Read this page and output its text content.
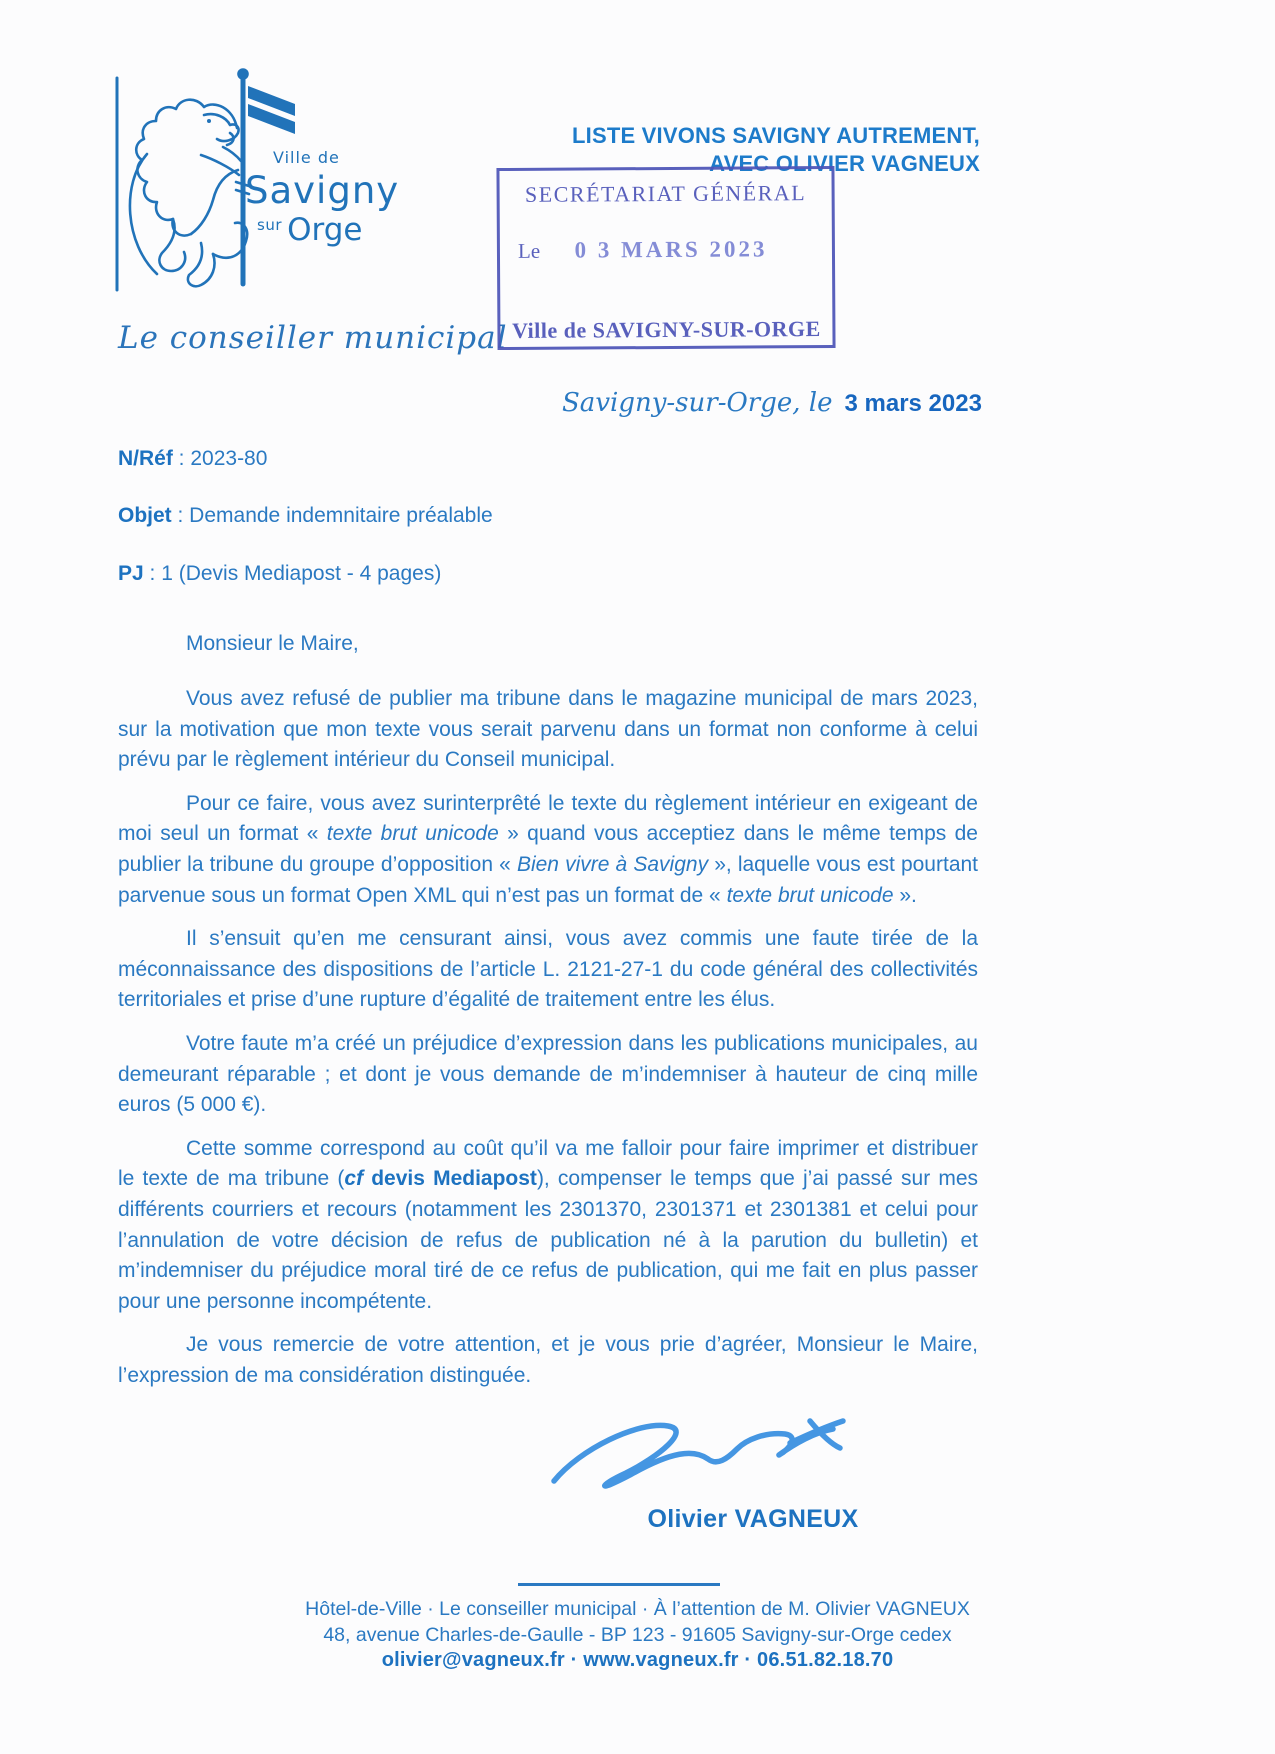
Ville de
Savigny
sur Orge
LISTE VIVONS SAVIGNY AUTREMENT,
AVEC OLIVIER VAGNEUX
SECRÉTARIAT GÉNÉRAL
Le 0 3 MARS 2023
Ville de SAVIGNY-SUR-ORGE
Le conseiller municipal
Savigny-sur-Orge, le 3 mars 2023

N/Réf : 2023-80

Objet : Demande indemnitaire préalable

PJ : 1 (Devis Mediapost - 4 pages)

Monsieur le Maire,

Vous avez refusé de publier ma tribune dans le magazine municipal de mars 2023, sur la motivation que mon texte vous serait parvenu dans un format non conforme à celui prévu par le règlement intérieur du Conseil municipal.

Pour ce faire, vous avez surinterprêté le texte du règlement intérieur en exigeant de moi seul un format « texte brut unicode » quand vous acceptiez dans le même temps de publier la tribune du groupe d’opposition « Bien vivre à Savigny », laquelle vous est pourtant parvenue sous un format Open XML qui n’est pas un format de « texte brut unicode ».

Il s’ensuit qu’en me censurant ainsi, vous avez commis une faute tirée de la méconnaissance des dispositions de l’article L. 2121-27-1 du code général des collectivités territoriales et prise d’une rupture d’égalité de traitement entre les élus.

Votre faute m’a créé un préjudice d’expression dans les publications municipales, au demeurant réparable ; et dont je vous demande de m’indemniser à hauteur de cinq mille euros (5 000 €).

Cette somme correspond au coût qu’il va me falloir pour faire imprimer et distribuer le texte de ma tribune (cf devis Mediapost), compenser le temps que j’ai passé sur mes différents courriers et recours (notamment les 2301370, 2301371 et 2301381 et celui pour l’annulation de votre décision de refus de publication né à la parution du bulletin) et m’indemniser du préjudice moral tiré de ce refus de publication, qui me fait en plus passer pour une personne incompétente.

Je vous remercie de votre attention, et je vous prie d’agréer, Monsieur le Maire, l’expression de ma considération distinguée.

Olivier VAGNEUX
Hôtel-de-Ville · Le conseiller municipal · À l’attention de M. Olivier VAGNEUX
48, avenue Charles-de-Gaulle - BP 123 - 91605 Savigny-sur-Orge cedex
olivier@vagneux.fr · www.vagneux.fr · 06.51.82.18.70
